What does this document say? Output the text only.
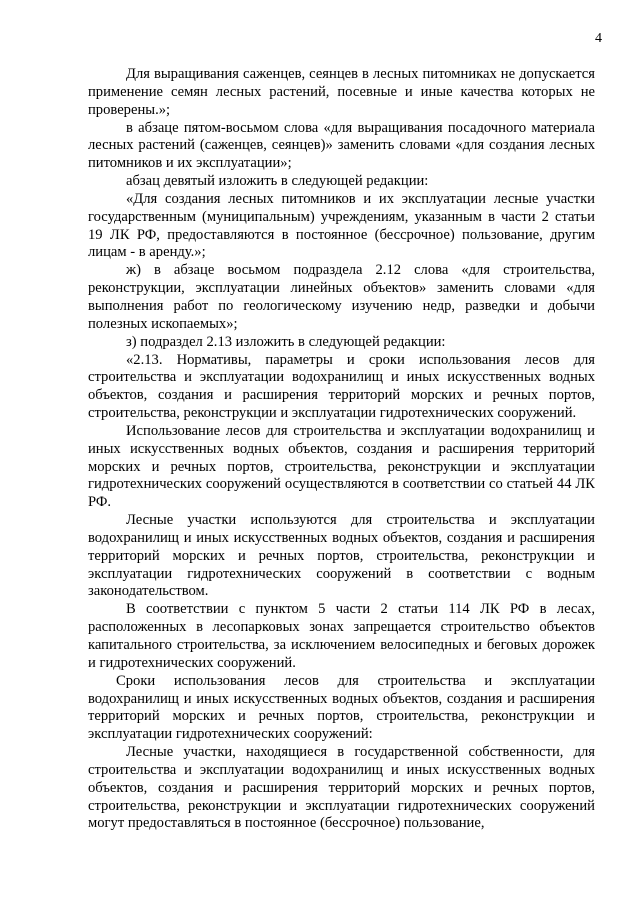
4

Для выращивания саженцев, сеянцев в лесных питомниках не допускается применение семян лесных растений, посевные и иные качества которых не проверены.»;

в абзаце пятом-восьмом слова «для выращивания посадочного материала лесных растений (саженцев, сеянцев)» заменить словами «для создания лесных питомников и их эксплуатации»;

абзац девятый изложить в следующей редакции:

«Для создания лесных питомников и их эксплуатации лесные участки государственным (муниципальным) учреждениям, указанным в части 2 статьи 19 ЛК РФ, предоставляются в постоянное (бессрочное) пользование, другим лицам - в аренду.»;

ж) в абзаце восьмом подраздела 2.12 слова «для строительства, реконструкции, эксплуатации линейных объектов» заменить словами «для выполнения работ по геологическому изучению недр, разведки и добычи полезных ископаемых»;

з) подраздел 2.13 изложить в следующей редакции:

«2.13. Нормативы, параметры и сроки использования лесов для строительства и эксплуатации водохранилищ и иных искусственных водных объектов, создания и расширения территорий морских и речных портов, строительства, реконструкции и эксплуатации гидротехнических сооружений.

Использование лесов для строительства и эксплуатации водохранилищ и иных искусственных водных объектов, создания и расширения территорий морских и речных портов, строительства, реконструкции и эксплуатации гидротехнических сооружений осуществляются в соответствии со статьей 44 ЛК РФ.

Лесные участки используются для строительства и эксплуатации водохранилищ и иных искусственных водных объектов, создания и расширения территорий морских и речных портов, строительства, реконструкции и эксплуатации гидротехнических сооружений в соответствии с водным законодательством.

В соответствии с пунктом 5 части 2 статьи 114 ЛК РФ в лесах, расположенных в лесопарковых зонах запрещается строительство объектов капитального строительства, за исключением велосипедных и беговых дорожек и гидротехнических сооружений.

Сроки использования лесов для строительства и эксплуатации водохранилищ и иных искусственных водных объектов, создания и расширения территорий морских и речных портов, строительства, реконструкции и эксплуатации гидротехнических сооружений:

Лесные участки, находящиеся в государственной собственности, для строительства и эксплуатации водохранилищ и иных искусственных водных объектов, создания и расширения территорий морских и речных портов, строительства, реконструкции и эксплуатации гидротехнических сооружений могут предоставляться в постоянное (бессрочное) пользование,
